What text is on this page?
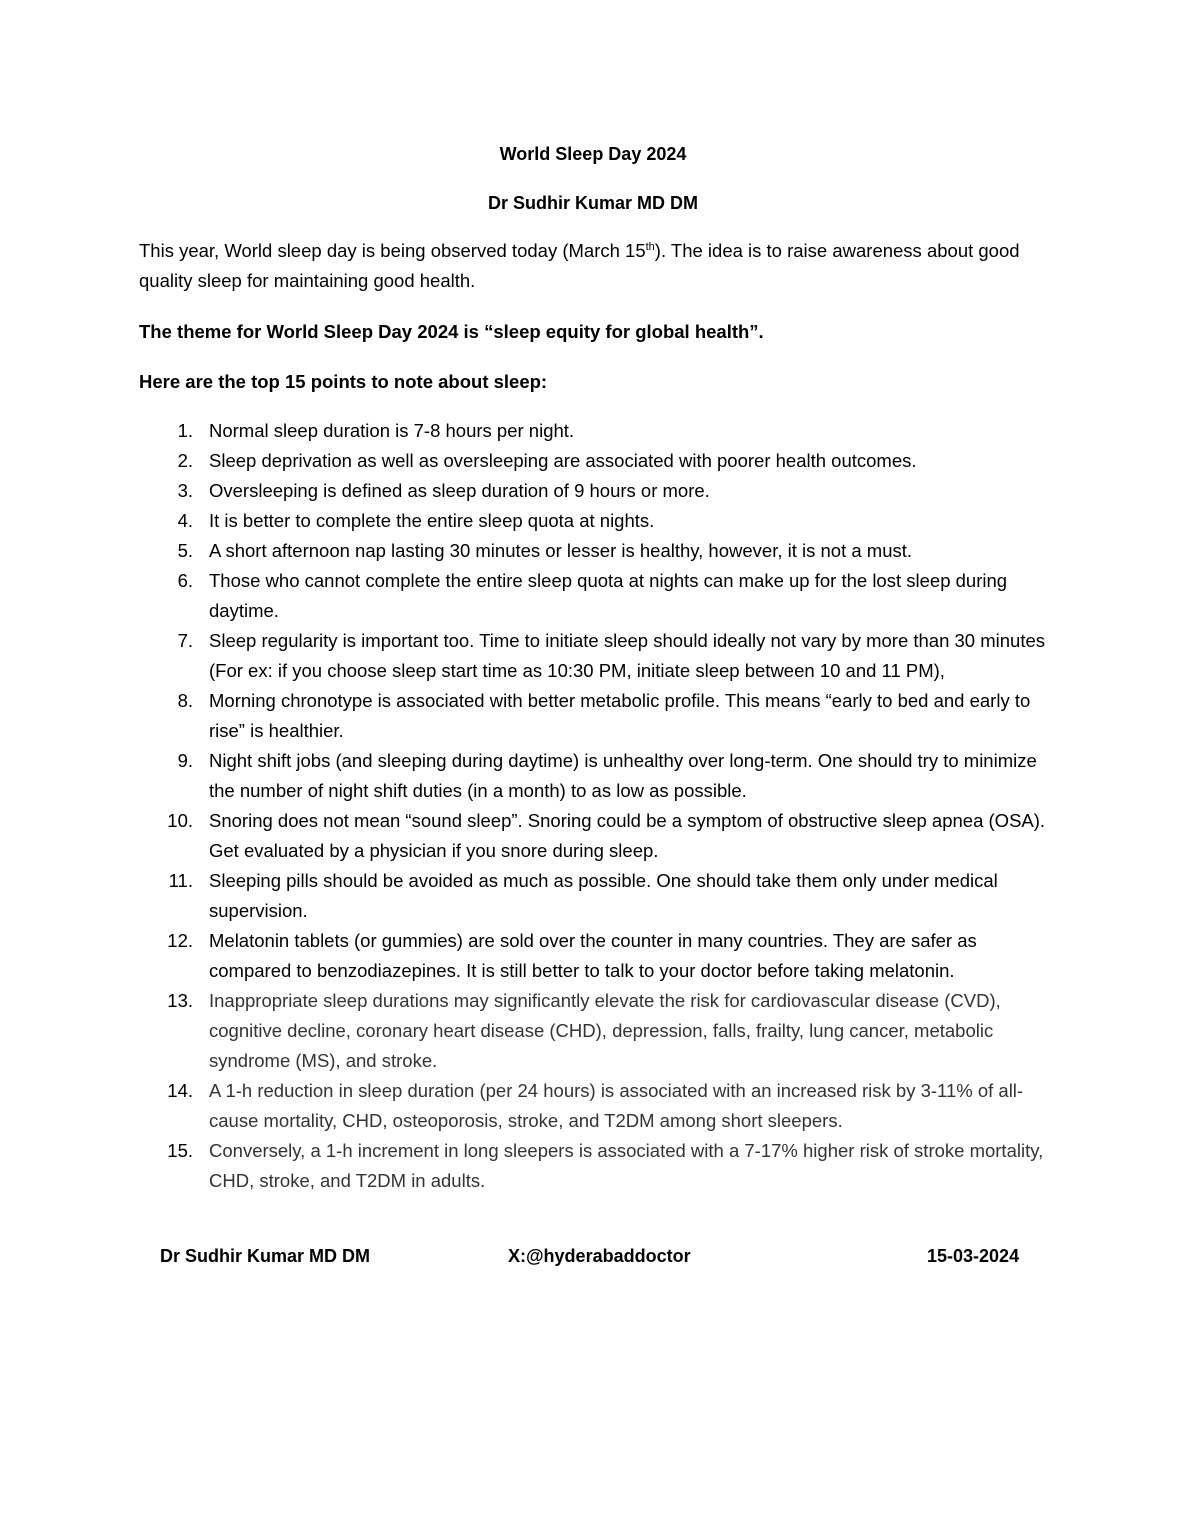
World Sleep Day 2024
Dr Sudhir Kumar MD DM
This year, World sleep day is being observed today (March 15th). The idea is to raise awareness about good quality sleep for maintaining good health.
The theme for World Sleep Day 2024 is “sleep equity for global health”.
Here are the top 15 points to note about sleep:
1. Normal sleep duration is 7-8 hours per night.
2. Sleep deprivation as well as oversleeping are associated with poorer health outcomes.
3. Oversleeping is defined as sleep duration of 9 hours or more.
4. It is better to complete the entire sleep quota at nights.
5. A short afternoon nap lasting 30 minutes or lesser is healthy, however, it is not a must.
6. Those who cannot complete the entire sleep quota at nights can make up for the lost sleep during daytime.
7. Sleep regularity is important too. Time to initiate sleep should ideally not vary by more than 30 minutes (For ex: if you choose sleep start time as 10:30 PM, initiate sleep between 10 and 11 PM),
8. Morning chronotype is associated with better metabolic profile. This means “early to bed and early to rise” is healthier.
9. Night shift jobs (and sleeping during daytime) is unhealthy over long-term. One should try to minimize the number of night shift duties (in a month) to as low as possible.
10. Snoring does not mean “sound sleep”. Snoring could be a symptom of obstructive sleep apnea (OSA). Get evaluated by a physician if you snore during sleep.
11. Sleeping pills should be avoided as much as possible. One should take them only under medical supervision.
12. Melatonin tablets (or gummies) are sold over the counter in many countries. They are safer as compared to benzodiazepines. It is still better to talk to your doctor before taking melatonin.
13. Inappropriate sleep durations may significantly elevate the risk for cardiovascular disease (CVD), cognitive decline, coronary heart disease (CHD), depression, falls, frailty, lung cancer, metabolic syndrome (MS), and stroke.
14. A 1-h reduction in sleep duration (per 24 hours) is associated with an increased risk by 3-11% of all-cause mortality, CHD, osteoporosis, stroke, and T2DM among short sleepers.
15. Conversely, a 1-h increment in long sleepers is associated with a 7-17% higher risk of stroke mortality, CHD, stroke, and T2DM in adults.
Dr Sudhir Kumar MD DM	X:@hyderabaddoctor	15-03-2024
